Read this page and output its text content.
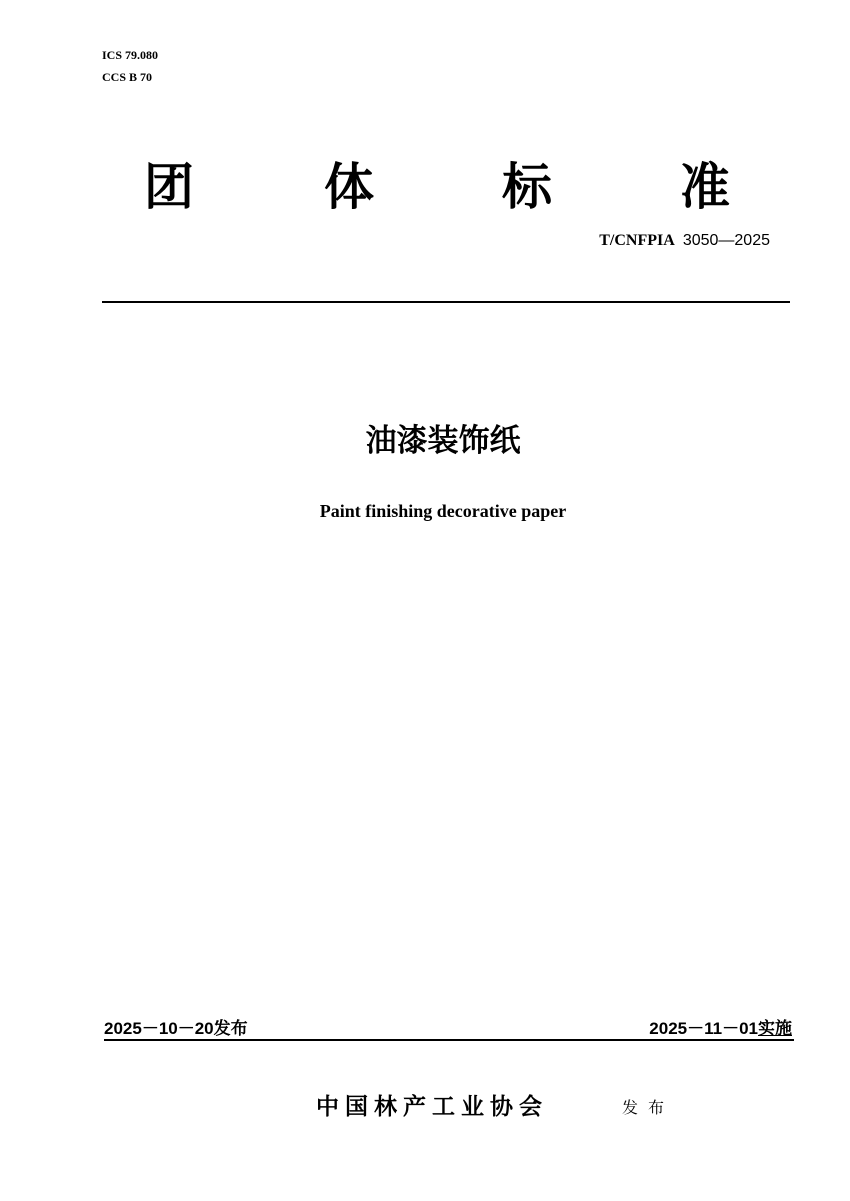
ICS 79.080
CCS B 70
团	体	标	准
T/CNFPIA 3050—2025
油漆装饰纸
Paint finishing decorative paper
2025－10－20发布	2025－11－01实施
中国林产工业协会	发布
